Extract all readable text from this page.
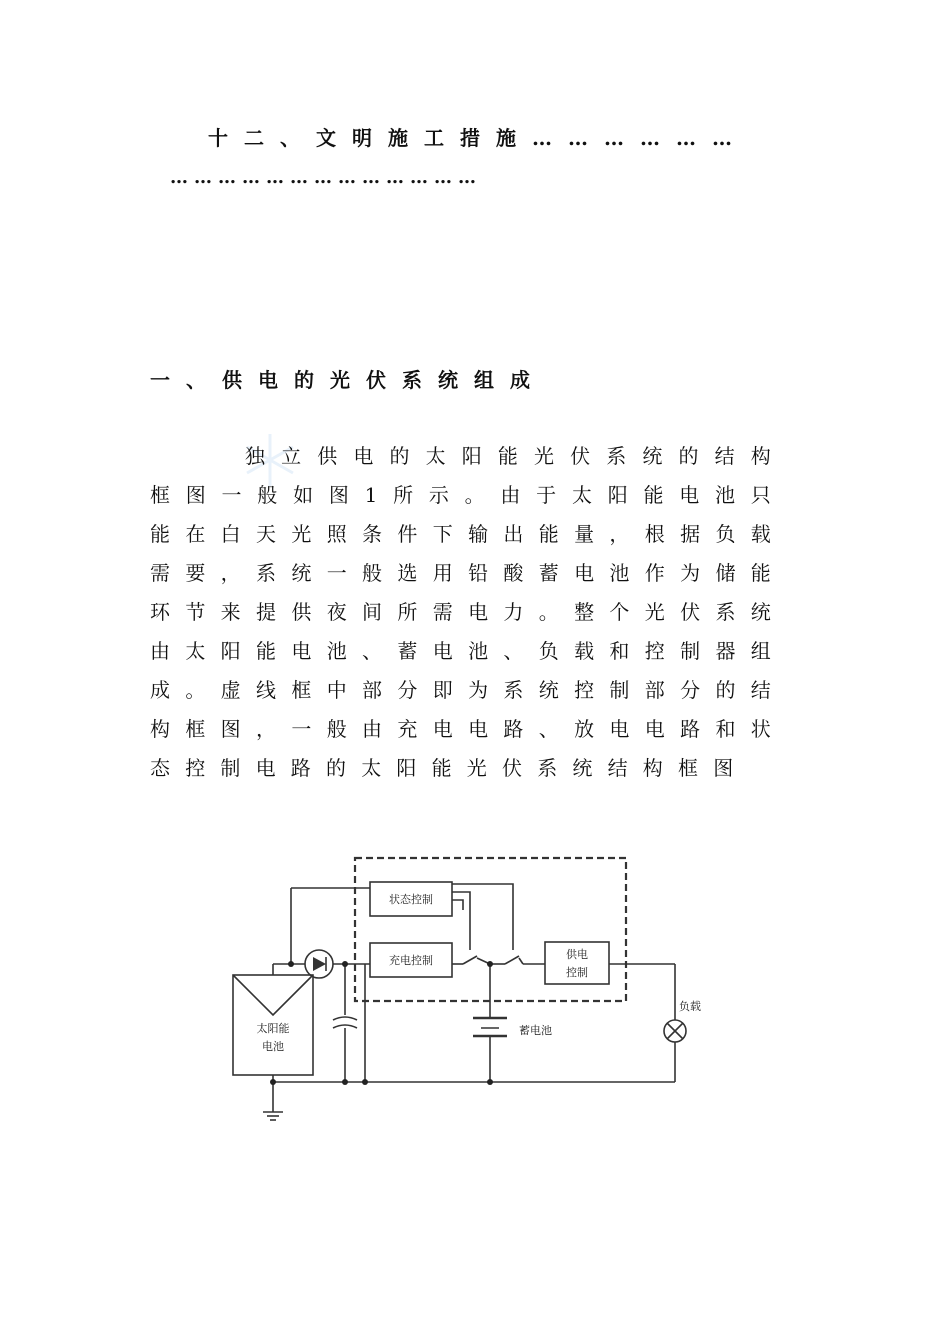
十二、文明施工措施………………
…………………………………
一、供电的光伏系统组成
独立供电的太阳能光伏系统的结构框图一般如图1所示。由于太阳能电池只能在白天光照条件下输出能量，根据负载需要，系统一般选用铅酸蓄电池作为储能环节来提供夜间所需电力。整个光伏系统由太阳能电池、蓄电池、负载和控制器组成。虚线框中部分即为系统控制部分的结构框图，一般由充电电路、放电电路和状态控制电路的太阳能光伏系统结构框图
状态控制
充电控制	供电
控制
太阳能
电池
蓄电池
负载
